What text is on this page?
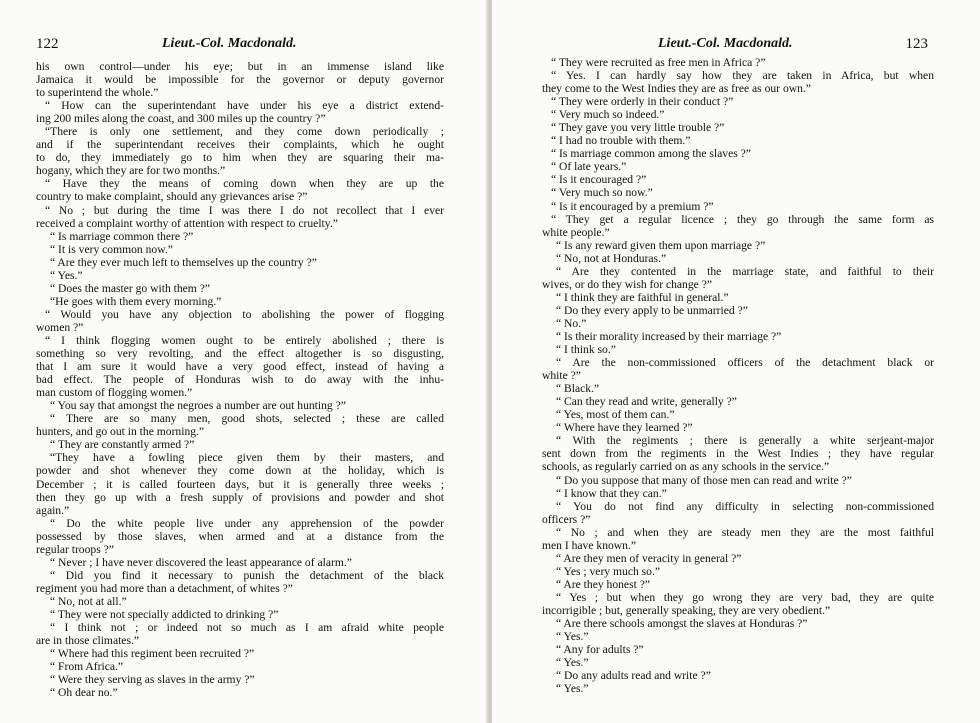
122	Lieut.-Col. Macdonald.
his own control—under his eye; but in an immense island like
Jamaica it would be impossible for the governor or deputy governor
to superintend the whole.”
“ How can the superintendant have under his eye a district extend-
ing 200 miles along the coast, and 300 miles up the country ?”
“There is only one settlement, and they come down periodically ;
and if the superintendant receives their complaints, which he ought
to do, they immediately go to him when they are squaring their ma-
hogany, which they are for two months.”
“ Have they the means of coming down when they are up the
country to make complaint, should any grievances arise ?”
“ No ; but during the time I was there I do not recollect that I ever
received a complaint worthy of attention with respect to cruelty.”
“ Is marriage common there ?”
“ It is very common now.”
“ Are they ever much left to themselves up the country ?”
“ Yes.”
“ Does the master go with them ?”
“He goes with them every morning.”
“ Would you have any objection to abolishing the power of flogging
women ?”
“ I think flogging women ought to be entirely abolished ; there is
something so very revolting, and the effect altogether is so disgusting,
that I am sure it would have a very good effect, instead of having a
bad effect. The people of Honduras wish to do away with the inhu-
man custom of flogging women.”
“ You say that amongst the negroes a number are out hunting ?”
“ There are so many men, good shots, selected ; these are called
hunters, and go out in the morning.”
“ They are constantly armed ?”
“They have a fowling piece given them by their masters, and
powder and shot whenever they come down at the holiday, which is
December ; it is called fourteen days, but it is generally three weeks ;
then they go up with a fresh supply of provisions and powder and shot
again.”
“ Do the white people live under any apprehension of the powder
possessed by those slaves, when armed and at a distance from the
regular troops ?”
“ Never ; I have never discovered the least appearance of alarm.”
“ Did you find it necessary to punish the detachment of the black
regiment you had more than a detachment, of whites ?”
“ No, not at all.”
“ They were not specially addicted to drinking ?”
“ I think not ; or indeed not so much as I am afraid white people
are in those climates.”
“ Where had this regiment been recruited ?”
“ From Africa.”
“ Were they serving as slaves in the army ?”
“ Oh dear no.”
Lieut.-Col. Macdonald.	123
“ They were recruited as free men in Africa ?”
“ Yes. I can hardly say how they are taken in Africa, but when
they come to the West Indies they are as free as our own.”
“ They were orderly in their conduct ?”
“ Very much so indeed.”
“ They gave you very little trouble ?”
“ I had no trouble with them.”
“ Is marriage common among the slaves ?”
“ Of late years.”
“ Is it encouraged ?”
“ Very much so now.”
“ Is it encouraged by a premium ?”
“ They get a regular licence ; they go through the same form as
white people.”
“ Is any reward given them upon marriage ?”
“ No, not at Honduras.”
“ Are they contented in the marriage state, and faithful to their
wives, or do they wish for change ?”
“ I think they are faithful in general.”
“ Do they every apply to be unmarried ?”
“ No.”
“ Is their morality increased by their marriage ?”
“ I think so.”
“ Are the non-commissioned officers of the detachment black or
white ?”
“ Black.”
“ Can they read and write, generally ?”
“ Yes, most of them can.”
“ Where have they learned ?”
“ With the regiments ; there is generally a white serjeant-major
sent down from the regiments in the West Indies ; they have regular
schools, as regularly carried on as any schools in the service.”
“ Do you suppose that many of those men can read and write ?”
“ I know that they can.”
“ You do not find any difficulty in selecting non-commissioned
officers ?”
“ No ; and when they are steady men they are the most faithful
men I have known.”
“ Are they men of veracity in general ?”
“ Yes ; very much so.”
“ Are they honest ?”
“ Yes ; but when they go wrong they are very bad, they are quite
incorrigible ; but, generally speaking, they are very obedient.”
“ Are there schools amongst the slaves at Honduras ?”
“ Yes.”
“ Any for adults ?”
“ Yes.”
“ Do any adults read and write ?”
“ Yes.”
